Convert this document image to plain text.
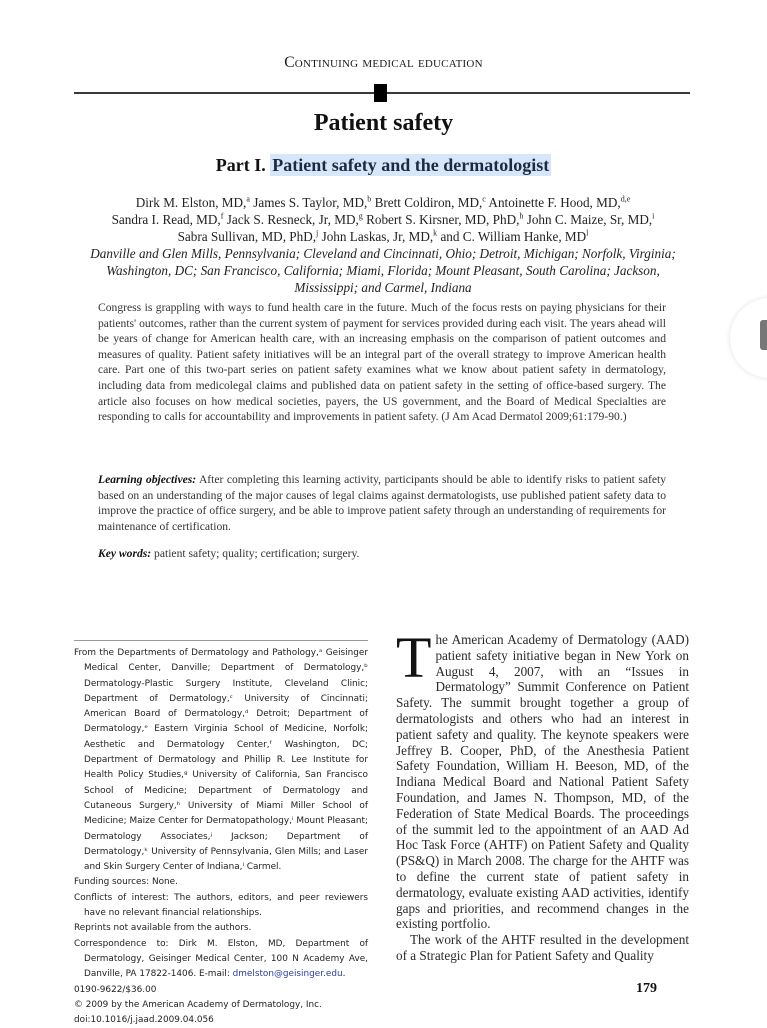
Continuing medical education
Patient safety
Part I. Patient safety and the dermatologist
Dirk M. Elston, MD,$^a$ James S. Taylor, MD,$^b$ Brett Coldiron, MD,$^c$ Antoinette F. Hood, MD,$^{d,e}$
Sandra I. Read, MD,$^f$ Jack S. Resneck, Jr, MD,$^g$ Robert S. Kirsner, MD, PhD,$^h$ John C. Maize, Sr, MD,$^i$
Sabra Sullivan, MD, PhD,$^j$ John Laskas, Jr, MD,$^k$ and C. William Hanke, $MD^l$
Danville and Glen Mills, Pennsylvania; Cleveland and Cincinnati, Ohio; Detroit, Michigan; Norfolk, Virginia; Washington, DC; San Francisco, California; Miami, Florida; Mount Pleasant, South Carolina; Jackson, Mississippi; and Carmel, Indiana
Congress is grappling with ways to fund health care in the future. Much of the focus rests on paying physicians for their patients' outcomes, rather than the current system of payment for services provided during each visit. The years ahead will be years of change for American health care, with an increasing emphasis on the comparison of patient outcomes and measures of quality. Patient safety initiatives will be an integral part of the overall strategy to improve American health care. Part one of this two-part series on patient safety examines what we know about patient safety in dermatology, including data from medicolegal claims and published data on patient safety in the setting of office-based surgery. The article also focuses on how medical societies, payers, the US government, and the Board of Medical Specialties are responding to calls for accountability and improvements in patient safety. (J Am Acad Dermatol 2009;61:179-90.)
Learning objectives: After completing this learning activity, participants should be able to identify risks to patient safety based on an understanding of the major causes of legal claims against dermatologists, use published patient safety data to improve the practice of office surgery, and be able to improve patient safety through an understanding of requirements for maintenance of certification.
Key words: patient safety; quality; certification; surgery.

From the Departments of Dermatology and Pathology,ᵃ Geisinger Medical Center, Danville; Department of Dermatology,ᵇ Dermatology-Plastic Surgery Institute, Cleveland Clinic; Department of Dermatology,ᶜ University of Cincinnati; American Board of Dermatology,ᵈ Detroit; Department of Dermatology,ᵉ Eastern Virginia School of Medicine, Norfolk; Aesthetic and Dermatology Center,ᶠ Washington, DC; Department of Dermatology and Phillip R. Lee Institute for Health Policy Studies,ᵍ University of California, San Francisco School of Medicine; Department of Dermatology and Cutaneous Surgery,ʰ University of Miami Miller School of Medicine; Maize Center for Dermatopathology,ⁱ Mount Pleasant; Dermatology Associates,ʲ Jackson; Department of Dermatology,ᵏ University of Pennsylvania, Glen Mills; and Laser and Skin Surgery Center of Indiana,ˡ Carmel.

Funding sources: None.

Conflicts of interest: The authors, editors, and peer reviewers have no relevant financial relationships.

Reprints not available from the authors.

Correspondence to: Dirk M. Elston, MD, Department of Dermatology, Geisinger Medical Center, 100 N Academy Ave, Danville, PA 17822-1406. E-mail: dmelston@geisinger.edu.

0190-9622/$36.00

© 2009 by the American Academy of Dermatology, Inc.

doi:10.1016/j.jaad.2009.04.056

The American Academy of Dermatology (AAD) patient safety initiative began in New York on August 4, 2007, with an “Issues in Dermatology” Summit Conference on Patient Safety. The summit brought together a group of dermatologists and others who had an interest in patient safety and quality. The keynote speakers were Jeffrey B. Cooper, PhD, of the Anesthesia Patient Safety Foundation, William H. Beeson, MD, of the Indiana Medical Board and National Patient Safety Foundation, and James N. Thompson, MD, of the Federation of State Medical Boards. The proceedings of the summit led to the appointment of an AAD Ad Hoc Task Force (AHTF) on Patient Safety and Quality (PS&Q) in March 2008. The charge for the AHTF was to define the current state of patient safety in dermatology, evaluate existing AAD activities, identify gaps and priorities, and recommend changes in the existing portfolio.

The work of the AHTF resulted in the development of a Strategic Plan for Patient Safety and Quality

179
